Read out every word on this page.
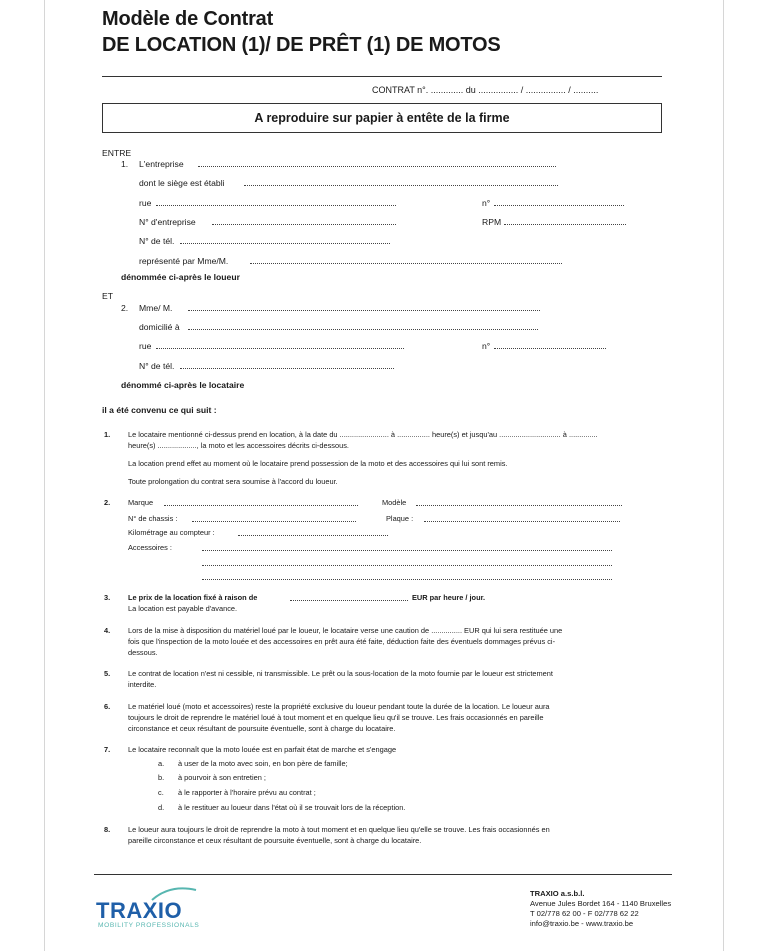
Modèle de Contrat
DE LOCATION (1)/ DE PRÊT (1) DE MOTOS
CONTRAT n°. ............. du ................ / ................ / ..........
A reproduire sur papier à entête de la firme
ENTRE
1. L'entreprise
dont le siège est établi
rue	n°
N° d'entreprise	RPM
N° de tél.
représenté par Mme/M.
dénommée ci-après le loueur
ET
2. Mme/ M.
domicilié à
rue	n°
N° de tél.
dénommé ci-après le locataire
il a été convenu ce qui suit :
1. Le locataire mentionné ci-dessus prend en location, à la date du ........................ à ................ heure(s) et jusqu'au .............................. à ..............
heure(s) ..................., la moto et les accessoires décrits ci-dessous.
La location prend effet au moment où le locataire prend possession de la moto et des accessoires qui lui sont remis.
Toute prolongation du contrat sera soumise à l'accord du loueur.
2. Marque	Modèle
N° de chassis :	Plaque :
Kilométrage au compteur :
Accessoires :
3. Le prix de la location fixé à raison de	EUR par heure / jour.
La location est payable d'avance.
4. Lors de la mise à disposition du matériel loué par le loueur, le locataire verse une caution de ............... EUR qui lui sera restituée une
fois que l'inspection de la moto louée et des accessoires en prêt aura été faite, déduction faite des éventuels dommages prévus ci-
dessous.
5. Le contrat de location n'est ni cessible, ni transmissible. Le prêt ou la sous-location de la moto fournie par le loueur est strictement
interdite.
6. Le matériel loué (moto et accessoires) reste la propriété exclusive du loueur pendant toute la durée de la location. Le loueur aura
toujours le droit de reprendre le matériel loué à tout moment et en quelque lieu qu'il se trouve. Les frais occasionnés en pareille
circonstance et ceux résultant de poursuite éventuelle, sont à charge du locataire.
7. Le locataire reconnaît que la moto louée est en parfait état de marche et s'engage
a. à user de la moto avec soin, en bon père de famille;
b. à pourvoir à son entretien ;
c. à le rapporter à l'horaire prévu au contrat ;
d. à le restituer au loueur dans l'état où il se trouvait lors de la réception.
8. Le loueur aura toujours le droit de reprendre la moto à tout moment et en quelque lieu qu'elle se trouve. Les frais occasionnés en
pareille circonstance et ceux résultant de poursuite éventuelle, sont à charge du locataire.
TRAXIO
MOBILITY PROFESSIONALS
TRAXIO a.s.b.l.
Avenue Jules Bordet 164 - 1140 Bruxelles
T 02/778 62 00 - F 02/778 62 22
info@traxio.be - www.traxio.be
